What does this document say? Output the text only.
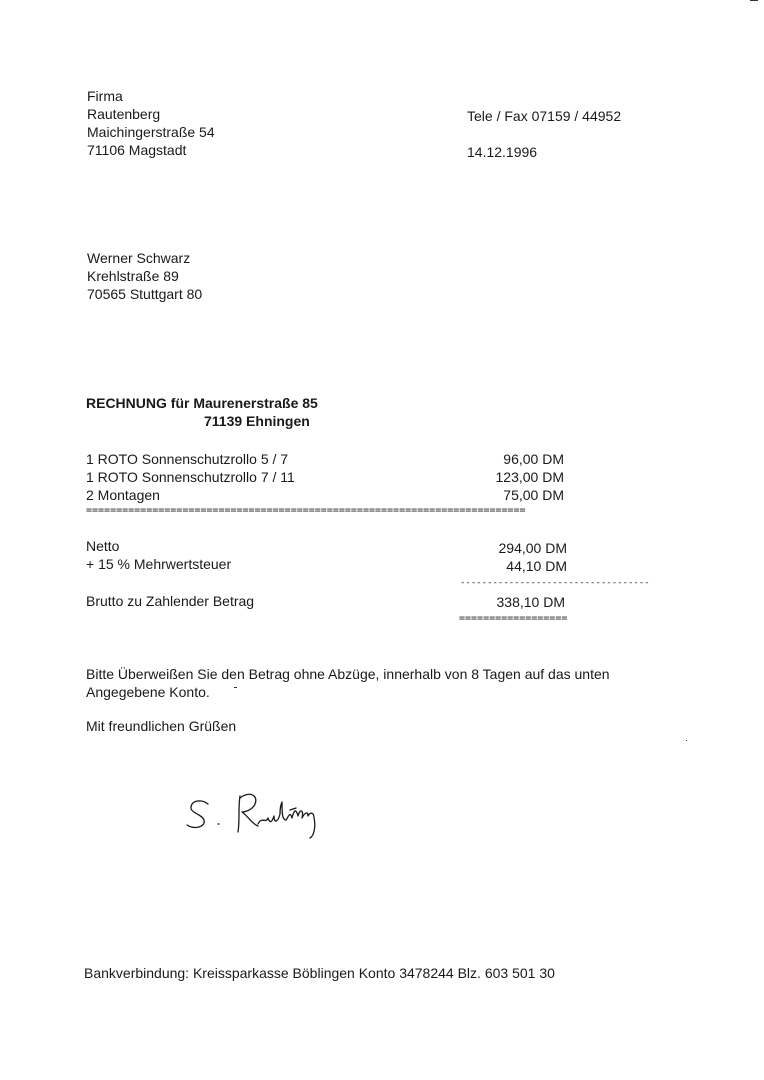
Firma
Rautenberg
Maichingerstraße 54
71106 Magstadt
Tele / Fax 07159 / 44952
14.12.1996
Werner Schwarz
Krehlstraße 89
70565 Stuttgart 80
RECHNUNG für Maurenerstraße 85
71139 Ehningen
1 ROTO Sonnenschutzrollo 5 / 7
1 ROTO Sonnenschutzrollo 7 / 11
2 Montagen
96,00 DM
123,00 DM
75,00 DM
=========================================================================
Netto
+ 15 % Mehrwertsteuer
294,00 DM
44,10 DM
-----------------------------------
Brutto zu Zahlender Betrag	338,10 DM
==================
Bitte Überweißen Sie den Betrag ohne Abzüge, innerhalb von 8 Tagen auf das unten
Angegebene Konto.
Mit freundlichen Grüßen
Bankverbindung: Kreissparkasse Böblingen Konto 3478244 Blz. 603 501 30
